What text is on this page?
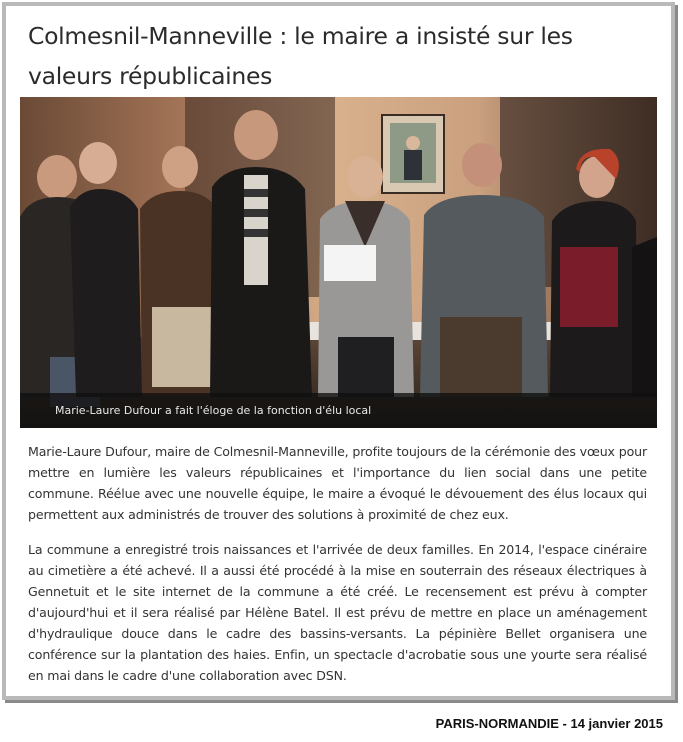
Colmesnil-Manneville : le maire a insisté sur les valeurs républicaines
Marie-Laure Dufour a fait l'éloge de la fonction d'élu local
Marie-Laure Dufour, maire de Colmesnil-Manneville, profite toujours de la cérémonie des vœux pour mettre en lumière les valeurs républicaines et l'importance du lien social dans une petite commune. Réélue avec une nouvelle équipe, le maire a évoqué le dévouement des élus locaux qui permettent aux administrés de trouver des solutions à proximité de chez eux.
La commune a enregistré trois naissances et l'arrivée de deux familles. En 2014, l'espace cinéraire au cimetière a été achevé. Il a aussi été procédé à la mise en souterrain des réseaux électriques à Gennetuit et le site internet de la commune a été créé. Le recensement est prévu à compter d'aujourd'hui et il sera réalisé par Hélène Batel. Il est prévu de mettre en place un aménagement d'hydraulique douce dans le cadre des bassins-versants. La pépinière Bellet organisera une conférence sur la plantation des haies. Enfin, un spectacle d'acrobatie sous une yourte sera réalisé en mai dans le cadre d'une collaboration avec DSN.
PARIS-NORMANDIE - 14 janvier 2015
